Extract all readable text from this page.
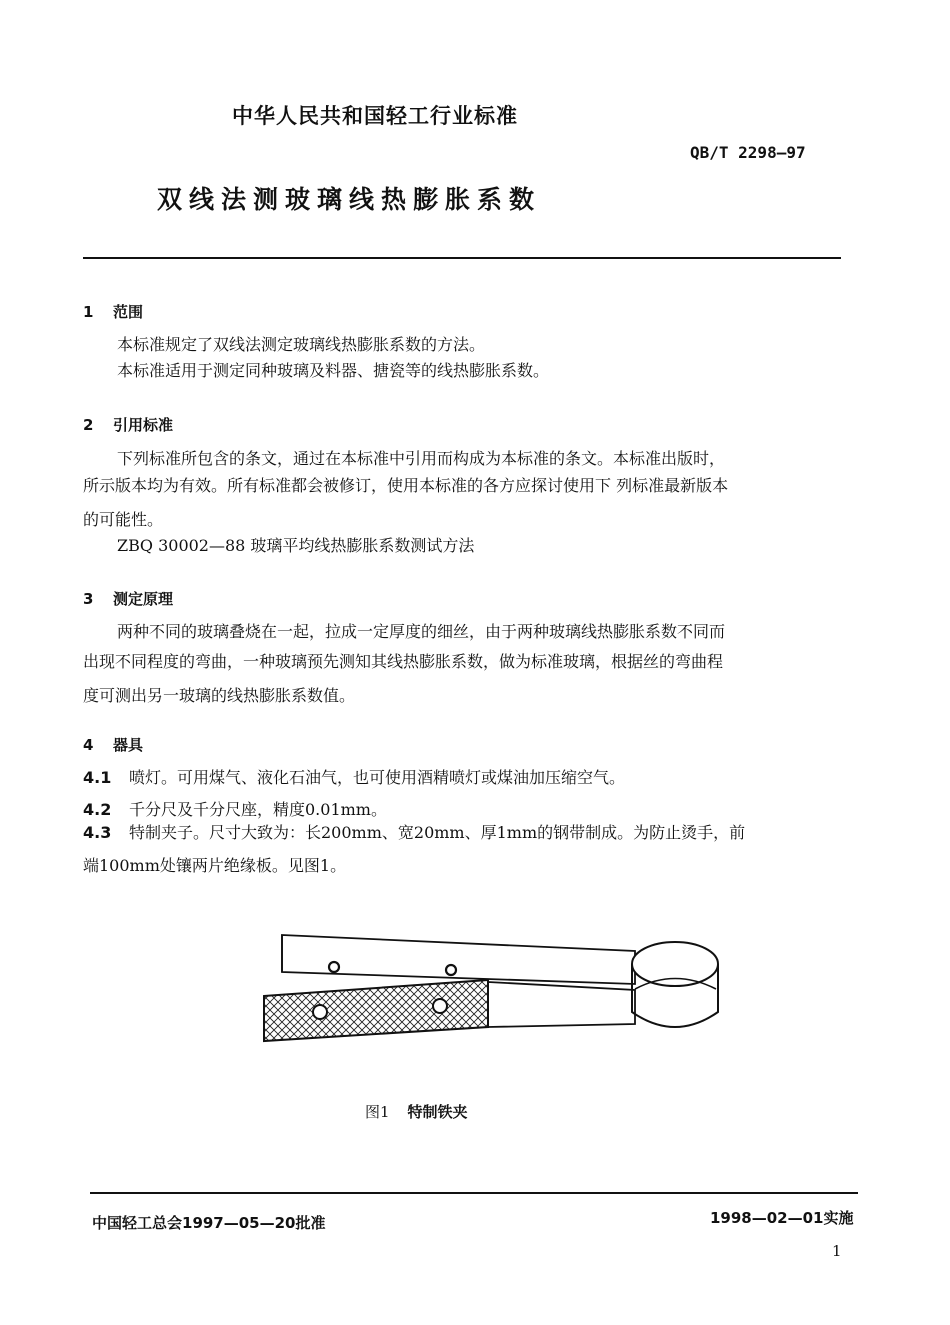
中华人民共和国轻工行业标准
QB/T 2298—97
双线法测玻璃线热膨胀系数
1 范围
本标准规定了双线法测定玻璃线热膨胀系数的方法。
本标准适用于测定同种玻璃及料器、搪瓷等的线热膨胀系数。
2 引用标准
下列标准所包含的条文，通过在本标准中引用而构成为本标准的条文。本标准出版时，
所示版本均为有效。所有标准都会被修订，使用本标准的各方应探讨使用下 列标准最新版本
的可能性。
ZBQ 30002—88 玻璃平均线热膨胀系数测试方法
3 测定原理
两种不同的玻璃叠烧在一起，拉成一定厚度的细丝，由于两种玻璃线热膨胀系数不同而
出现不同程度的弯曲，一种玻璃预先测知其线热膨胀系数，做为标准玻璃，根据丝的弯曲程
度可测出另一玻璃的线热膨胀系数值。
4 器具
4.1 喷灯。可用煤气、液化石油气，也可使用酒精喷灯或煤油加压缩空气。
4.2 千分尺及千分尺座，精度0.01mm。
4.3 特制夹子。尺寸大致为：长200mm、宽20mm、厚1mm的钢带制成。为防止烫手，前
端100mm处镶两片绝缘板。见图1。
图1 特制铁夹
中国轻工总会1997—05—20批准	1998—02—01实施
1
